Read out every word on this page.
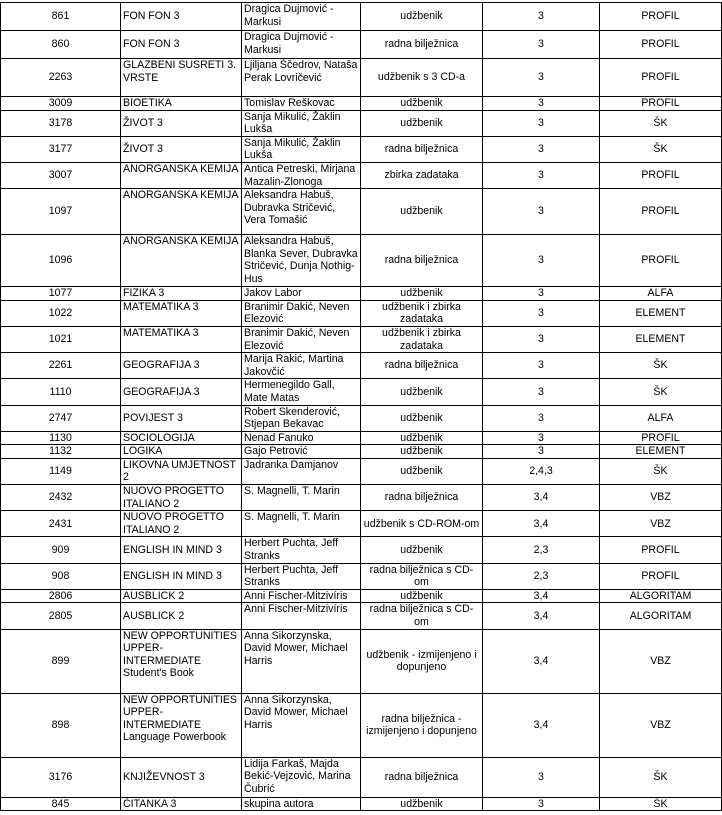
861	FON FON 3	Dragica Dujmović - Markusi	udžbenik	3	PROFIL
860	FON FON 3	Dragica Dujmović - Markusi	radna bilježnica	3	PROFIL
2263	GLAZBENI SUSRETI 3. VRSTE	Ljiljana Ščedrov, Nataša Perak Lovričević	udžbenik s 3 CD-a	3	PROFIL
3009	BIOETIKA	Tomislav Reškovac	udžbenik	3	PROFIL
3178	ŽIVOT 3	Sanja Mikulić, Žaklin Lukša	udžbenik	3	ŠK
3177	ŽIVOT 3	Sanja Mikulić, Žaklin Lukša	radna bilježnica	3	ŠK
3007	ANORGANSKA KEMIJA	Antica Petreski, Mirjana Mazalin-Zlonoga	zbirka zadataka	3	PROFIL
1097	ANORGANSKA KEMIJA	Aleksandra Habuš, Dubravka Stričević, Vera Tomašić	udžbenik	3	PROFIL
1096	ANORGANSKA KEMIJA	Aleksandra Habuš, Blanka Sever, Dubravka Stričević, Dunja Nothig-Hus	radna bilježnica	3	PROFIL
1077	FIZIKA 3	Jakov Labor	udžbenik	3	ALFA
1022	MATEMATIKA 3	Branimir Dakić, Neven Elezović	udžbenik i zbirka zadataka	3	ELEMENT
1021	MATEMATIKA 3	Branimir Dakić, Neven Elezović	udžbenik i zbirka zadataka	3	ELEMENT
2261	GEOGRAFIJA 3	Marija Rakić, Martina Jakovčić	radna bilježnica	3	ŠK
1110	GEOGRAFIJA 3	Hermenegildo Gall, Mate Matas	udžbenik	3	ŠK
2747	POVIJEST 3	Robert Skenderović, Stjepan Bekavac	udžbenik	3	ALFA
1130	SOCIOLOGIJA	Nenad Fanuko	udžbenik	3	PROFIL
1132	LOGIKA	Gajo Petrović	udžbenik	3	ELEMENT
1149	LIKOVNA UMJETNOST 2	Jadranka Damjanov	udžbenik	2,4,3	ŠK
2432	NUOVO PROGETTO ITALIANO 2	S. Magnelli, T. Marin	radna bilježnica	3,4	VBZ
2431	NUOVO PROGETTO ITALIANO 2	S. Magnelli, T. Marin	udžbenik s CD-ROM-om	3,4	VBZ
909	ENGLISH IN MIND 3	Herbert Puchta, Jeff Stranks	udžbenik	2,3	PROFIL
908	ENGLISH IN MIND 3	Herbert Puchta, Jeff Stranks	radna bilježnica s CD-om	2,3	PROFIL
2806	AUSBLICK 2	Anni Fischer-Mitzivíris	udžbenik	3,4	ALGORITAM
2805	AUSBLICK 2	Anni Fischer-Mitzivíris	radna bilježnica s CD-om	3,4	ALGORITAM
899	NEW OPPORTUNITIES UPPER-INTERMEDIATE Student's Book	Anna Sikorzynska, David Mower, Michael Harris	udžbenik - izmijenjeno i dopunjeno	3,4	VBZ
898	NEW OPPORTUNITIES UPPER-INTERMEDIATE Language Powerbook	Anna Sikorzynska, David Mower, Michael Harris	radna bilježnica - izmijenjeno i dopunjeno	3,4	VBZ
3176	KNJIŽEVNOST 3	Lidija Farkaš, Majda Bekić-Vejzović, Marina Čubrić	radna bilježnica	3	ŠK
845	ČITANKA 3	skupina autora	udžbenik	3	ŠK
